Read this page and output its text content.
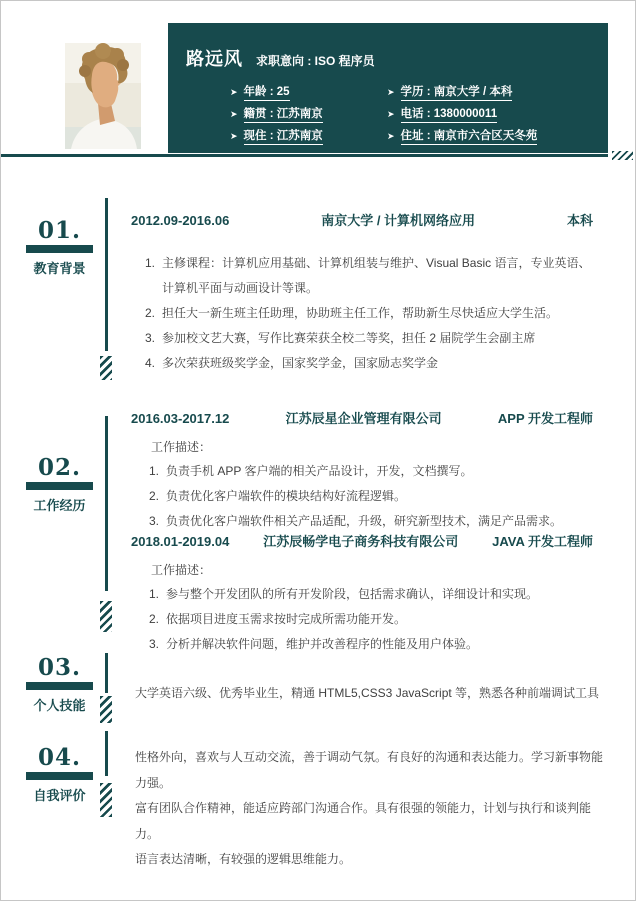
路远风 求职意向 : ISO 程序员
➤ 年龄 : 25	➤ 学历 : 南京大学 / 本科
➤ 籍贯 : 江苏南京	➤ 电话 : 1380000011
➤ 现住 : 江苏南京	➤ 住址 : 南京市六合区天冬苑
01.
教育背景
02.
工作经历
03.
个人技能
04.
自我评价
2012.09-2016.06	南京大学 / 计算机网络应用	本科
1. 主修课程：计算机应用基础、计算机组装与维护、Visual Basic 语言，专业英语、计算机平面与动画设计等课。
2. 担任大一新生班主任助理，协助班主任工作，帮助新生尽快适应大学生活。
3. 参加校文艺大赛，写作比赛荣获全校二等奖，担任 2 届院学生会副主席
4. 多次荣获班级奖学金，国家奖学金，国家励志奖学金
2016.03-2017.12	江苏辰星企业管理有限公司	APP 开发工程师
工作描述：
1. 负责手机 APP 客户端的相关产品设计，开发，文档撰写。
2. 负责优化客户端软件的模块结构好流程逻辑。
3. 负责优化客户端软件相关产品适配，升级，研究新型技术，满足产品需求。
2018.01-2019.04	江苏辰畅学电子商务科技有限公司	JAVA 开发工程师
工作描述：
1. 参与整个开发团队的所有开发阶段，包括需求确认，详细设计和实现。
2. 依据项目进度玉需求按时完成所需功能开发。
3. 分析并解决软件问题，维护并改善程序的性能及用户体验。
大学英语六级、优秀毕业生，精通 HTML5,CSS3 JavaScript 等，熟悉各种前端调试工具
性格外向，喜欢与人互动交流，善于调动气氛。有良好的沟通和表达能力。学习新事物能力强。
富有团队合作精神，能适应跨部门沟通合作。具有很强的领能力，计划与执行和谈判能力。
语言表达清晰，有较强的逻辑思维能力。
